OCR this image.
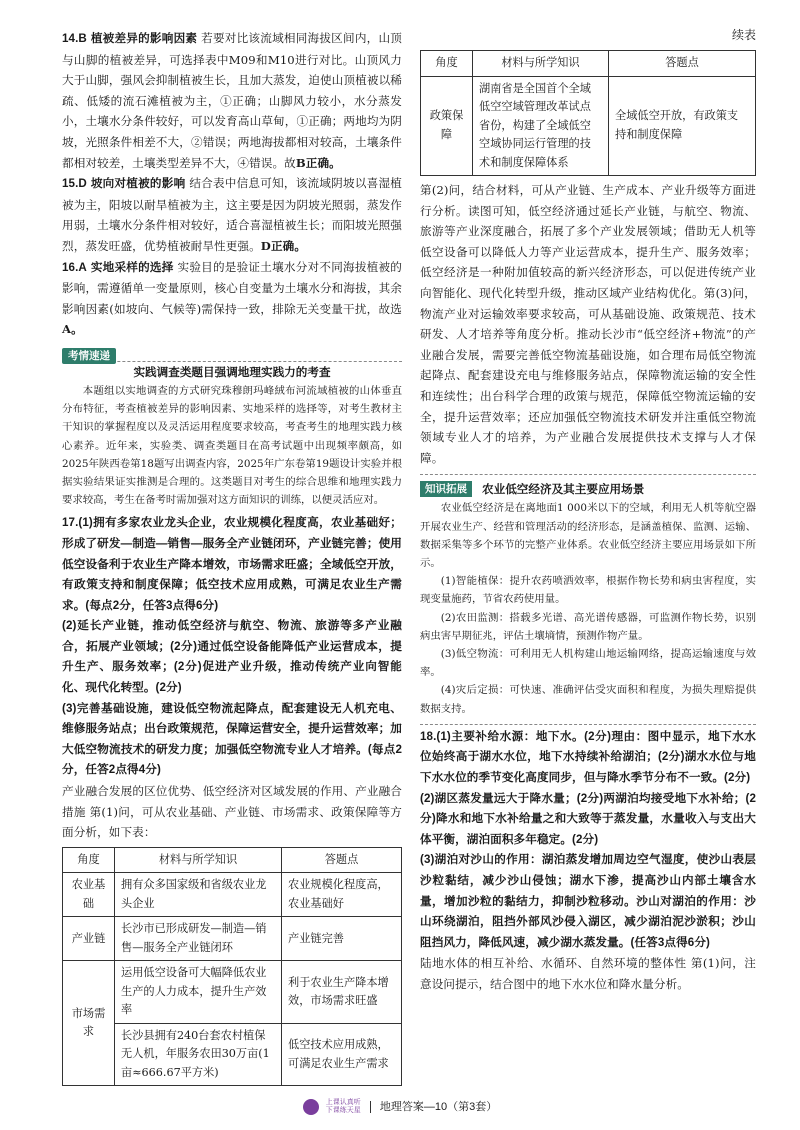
14.B 植被差异的影响因素 若要对比该流域相同海拔区间内，山顶与山脚的植被差异，可选择表中M09和M10进行对比。山顶风力大于山脚，强风会抑制植被生长，且加大蒸发，迫使山顶植被以稀疏、低矮的流石滩植被为主，①正确；山脚风力较小，水分蒸发小，土壤水分条件较好，可以发育高山草甸，①正确；两地均为阴坡，光照条件相差不大，②错误；两地海拔都相对较高，土壤条件都相对较差，土壤类型差异不大，④错误。故B正确。
15.D 坡向对植被的影响 结合表中信息可知，该流域阴坡以喜湿植被为主，阳坡以耐旱植被为主，这主要是因为阴坡光照弱，蒸发作用弱，土壤水分条件相对较好，适合喜湿植被生长；而阳坡光照强烈，蒸发旺盛，优势植被耐旱性更强。D正确。
16.A 实地采样的选择 实验目的是验证土壤水分对不同海拔植被的影响，需遵循单一变量原则，核心自变量为土壤水分和海拔，其余影响因素(如坡向、气候等)需保持一致，排除无关变量干扰，故选A。
考情速递
实践调查类题目强调地理实践力的考查
本题组以实地调查的方式研究珠穆朗玛峰絨布河流域植被的山体垂直分布特征，考查植被差异的影响因素、实地采样的选择等，对考生教材主干知识的掌握程度以及灵活运用程度要求较高，考查考生的地理实践力核心素养。近年来，实验类、调查类题目在高考试题中出现频率颇高，如2025年陕西卷第18题写出调查内容，2025年广东卷第19题设计实验并根据实验结果证实推测是合理的。这类题目对考生的综合思维和地理实践力要求较高，考生在备考时需加强对这方面知识的训练，以便灵活应对。
17.(1)拥有多家农业龙头企业，农业规模化程度高，农业基础好；形成了研发—制造—销售—服务全产业链闭环，产业链完善；使用低空设备利于农业生产降本增效，市场需求旺盛；全域低空开放，有政策支持和制度保障；低空技术应用成熟，可满足农业生产需求。(每点2分，任答3点得6分)
(2)延长产业链，推动低空经济与航空、物流、旅游等多产业融合，拓展产业领域；(2分)通过低空设备能降低产业运营成本，提升生产、服务效率；(2分)促进产业升级，推动传统产业向智能化、现代化转型。(2分)
(3)完善基础设施，建设低空物流起降点，配套建设无人机充电、维修服务站点；出台政策规范，保障运营安全，提升运营效率；加大低空物流技术的研发力度；加强低空物流专业人才培养。(每点2分，任答2点得4分)
产业融合发展的区位优势、低空经济对区域发展的作用、产业融合措施 第(1)问，可从农业基础、产业链、市场需求、政策保障等方面分析，如下表：
角度	材料与所学知识	答题点
农业基础	拥有众多国家级和省级农业龙头企业	农业规模化程度高，农业基础好
产业链	长沙市已形成研发—制造—销售—服务全产业链闭环	产业链完善
市场需求	运用低空设备可大幅降低农业生产的人力成本，提升生产效率	利于农业生产降本增效，市场需求旺盛
	长沙县拥有240台套农村植保无人机，年服务农田30万亩(1亩≈666.67平方米)	低空技术应用成熟，可满足农业生产需求
续表
角度	材料与所学知识	答题点
政策保障	湖南省是全国首个全域低空空域管理改革试点省份，构建了全域低空空域协同运行管理的技术和制度保障体系	全域低空开放，有政策支持和制度保障
第(2)问，结合材料，可从产业链、生产成本、产业升级等方面进行分析。读图可知，低空经济通过延长产业链，与航空、物流、旅游等产业深度融合，拓展了多个产业发展领域；借助无人机等低空设备可以降低人力等产业运营成本，提升生产、服务效率；低空经济是一种附加值较高的新兴经济形态，可以促进传统产业向智能化、现代化转型升级，推动区域产业结构优化。第(3)问，物流产业对运输效率要求较高，可从基础设施、政策规范、技术研发、人才培养等角度分析。推动长沙市“低空经济+物流”的产业融合发展，需要完善低空物流基础设施，如合理布局低空物流起降点、配套建设充电与维修服务站点，保障物流运输的安全性和连续性；出台科学合理的政策与规范，保障低空物流运输的安全，提升运营效率；还应加强低空物流技术研发并注重低空物流领域专业人才的培养，为产业融合发展提供技术支撑与人才保障。
知识拓展	农业低空经济及其主要应用场景
农业低空经济是在离地面1 000米以下的空域，利用无人机等航空器开展农业生产、经营和管理活动的经济形态，是涵盖植保、监测、运输、数据采集等多个环节的完整产业体系。农业低空经济主要应用场景如下所示。
(1)智能植保：提升农药喷洒效率，根据作物长势和病虫害程度，实现变量施药，节省农药使用量。
(2)农田监测：搭载多光谱、高光谱传感器，可监测作物长势，识别病虫害早期征兆，评估土壤墒情，预测作物产量。
(3)低空物流：可利用无人机构建山地运输网络，提高运输速度与效率。
(4)灾后定损：可快速、准确评估受灾面积和程度，为损失理赔提供数据支持。
18.(1)主要补给水源：地下水。(2分)理由：图中显示，地下水水位始终高于湖水水位，地下水持续补给湖泊；(2分)湖水水位与地下水水位的季节变化高度同步，但与降水季节分布不一致。(2分)
(2)湖区蒸发量远大于降水量；(2分)两湖泊均接受地下水补给；(2分)降水和地下水补给量之和大致等于蒸发量，水量收入与支出大体平衡，湖泊面积多年稳定。(2分)
(3)湖泊对沙山的作用：湖泊蒸发增加周边空气湿度，使沙山表层沙粒黏结，减少沙山侵蚀；湖水下渗，提高沙山内部土壤含水量，增加沙粒的黏结力，抑制沙粒移动。沙山对湖泊的作用：沙山环绕湖泊，阻挡外部风沙侵入湖区，减少湖泊泥沙淤积；沙山阻挡风力，降低风速，减少湖水蒸发量。(任答3点得6分)
陆地水体的相互补给、水循环、自然环境的整体性 第(1)问，注意设问提示，结合图中的地下水水位和降水量分析。
上课认真听
下课练天星 地理答案—10（第3套）
